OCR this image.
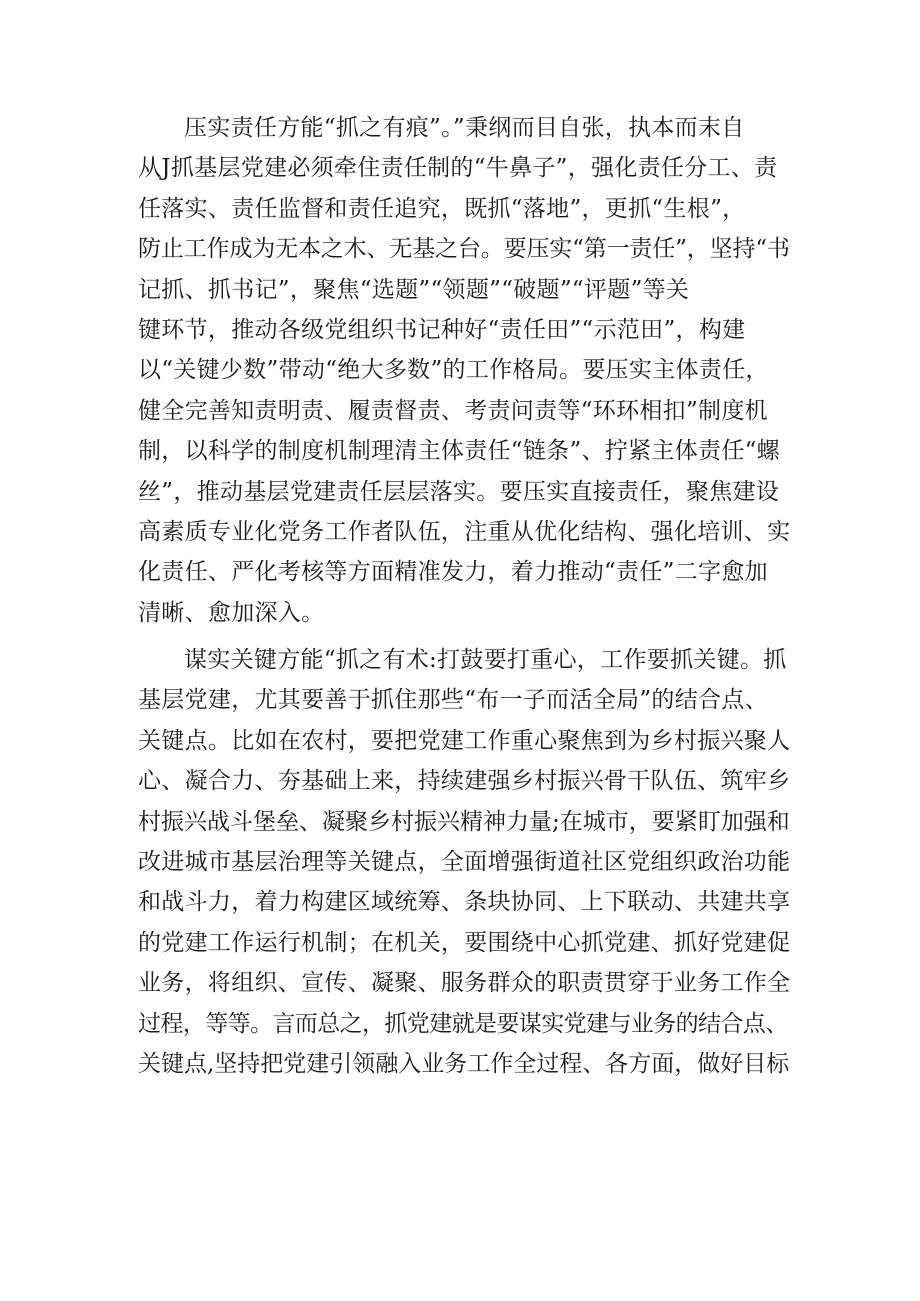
压实责任方能“抓之有痕”。”秉纲而目自张，执本而末自
从J抓基层党建必须牵住责任制的“牛鼻子”，强化责任分工、责
任落实、责任监督和责任追究，既抓“落地”，更抓“生根”，
防止工作成为无本之木、无基之台。要压实“第一责任”，坚持“书
记抓、抓书记”，聚焦“选题”“领题”“破题”“评题”等关
键环节，推动各级党组织书记种好“责任田”“示范田”，构建
以“关键少数”带动“绝大多数”的工作格局。要压实主体责任，
健全完善知责明责、履责督责、考责问责等“环环相扣”制度机
制，以科学的制度机制理清主体责任“链条”、拧紧主体责任“螺
丝”，推动基层党建责任层层落实。要压实直接责任，聚焦建设
高素质专业化党务工作者队伍，注重从优化结构、强化培训、实
化责任、严化考核等方面精准发力，着力推动“责任”二字愈加
清晰、愈加深入。
谋实关键方能“抓之有术:打鼓要打重心，工作要抓关键。抓
基层党建，尤其要善于抓住那些“布一子而活全局”的结合点、
关键点。比如在农村，要把党建工作重心聚焦到为乡村振兴聚人
心、凝合力、夯基础上来，持续建强乡村振兴骨干队伍、筑牢乡
村振兴战斗堡垒、凝聚乡村振兴精神力量;在城市，要紧盯加强和
改进城市基层治理等关键点，全面增强街道社区党组织政治功能
和战斗力，着力构建区域统筹、条块协同、上下联动、共建共享
的党建工作运行机制；在机关，要围绕中心抓党建、抓好党建促
业务，将组织、宣传、凝聚、服务群众的职责贯穿于业务工作全
过程，等等。言而总之，抓党建就是要谋实党建与业务的结合点、
关键点,坚持把党建引领融入业务工作全过程、各方面，做好目标
